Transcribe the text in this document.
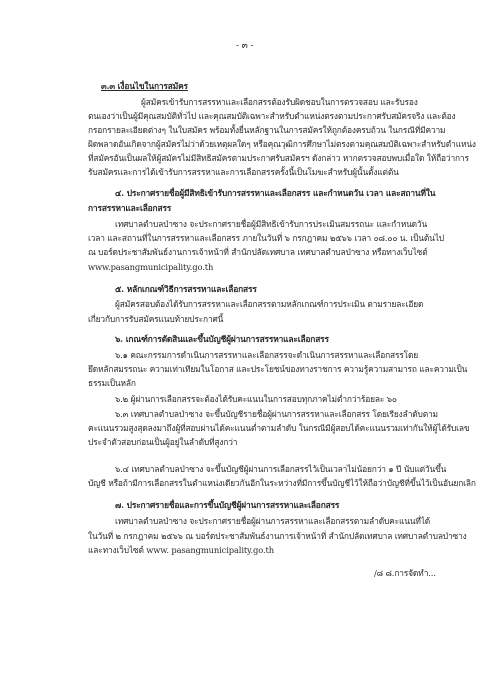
- ๓ -
๓.๓ เงื่อนไขในการสมัคร
ผู้สมัครเข้ารับการสรรหาและเลือกสรรต้องรับผิดชอบในการตรวจสอบ และรับรอง
ตนเองว่าเป็นผู้มีคุณสมบัติทั่วไป และคุณสมบัติเฉพาะสำหรับตำแหน่งตรงตามประกาศรับสมัครจริง และต้อง
กรอกรายละเอียดต่างๆ ในใบสมัคร พร้อมทั้งยื่นหลักฐานในการสมัครให้ถูกต้องครบถ้วน ในกรณีที่มีความ
ผิดพลาดอันเกิดจากผู้สมัครไม่ว่าด้วยเหตุผลใดๆ หรือคุณวุฒิการศึกษาไม่ตรงตามคุณสมบัติเฉพาะสำหรับตำแหน่ง
ที่สมัครอันเป็นผลให้ผู้สมัครไม่มีสิทธิสมัครตามประกาศรับสมัครฯ ดังกล่าว หากตรวจสอบพบเมื่อใด ให้ถือว่าการ
รับสมัครและการได้เข้ารับการสรรหาและการเลือกสรรครั้งนี้เป็นโมฆะสำหรับผู้นั้นตั้งแต่ต้น
๔. ประกาศรายชื่อผู้มีสิทธิเข้ารับการสรรหาและเลือกสรร และกำหนดวัน เวลา และสถานที่ใน
การสรรหาและเลือกสรร
เทศบาลตำบลป่าซาง จะประกาศรายชื่อผู้มีสิทธิเข้ารับการประเมินสมรรถนะ และกำหนดวัน
เวลา และสถานที่ในการสรรหาและเลือกสรร ภายในวันที่ ๖ กรกฎาคม ๒๕๖๖ เวลา ๐๘.๐๐ น. เป็นต้นไป
ณ บอร์ดประชาสัมพันธ์งานการเจ้าหน้าที่ สำนักปลัดเทศบาล เทศบาลตำบลป่าซาง หรือทางเว็บไซต์
www.pasangmunicipality.go.th
๕. หลักเกณฑ์วิธีการสรรหาและเลือกสรร
ผู้สมัครสอบต้องได้รับการสรรหาและเลือกสรรตามหลักเกณฑ์การประเมิน ตามรายละเอียด
เกี่ยวกับการรับสมัครแนบท้ายประกาศนี้
๖. เกณฑ์การตัดสินและขึ้นบัญชีผู้ผ่านการสรรหาและเลือกสรร
๖.๑ คณะกรรมการดำเนินการสรรหาและเลือกสรรจะดำเนินการสรรหาและเลือกสรรโดย
ยึดหลักสมรรถนะ ความเท่าเทียมในโอกาส และประโยชน์ของทางราชการ ความรู้ความสามารถ และความเป็น
ธรรมเป็นหลัก
๖.๒ ผู้ผ่านการเลือกสรรจะต้องได้รับคะแนนในการสอบทุกภาคไม่ต่ำกว่าร้อยละ ๖๐
๖.๓ เทศบาลตำบลป่าซาง จะขึ้นบัญชีรายชื่อผู้ผ่านการสรรหาและเลือกสรร โดยเรียงลำดับตาม
คะแนนรวมสูงสุดลงมาถึงผู้ที่สอบผ่านได้คะแนนต่ำตามลำดับ ในกรณีมีผู้สอบได้คะแนนรวมเท่ากันให้ผู้ได้รับเลข
ประจำตัวสอบก่อนเป็นผู้อยู่ในลำดับที่สูงกว่า
๖.๔ เทศบาลตำบลป่าซาง จะขึ้นบัญชีผู้ผ่านการเลือกสรรไว้เป็นเวลาไม่น้อยกว่า ๑ ปี นับแต่วันขึ้น
บัญชี หรือถ้ามีการเลือกสรรในตำแหน่งเดียวกันอีกในระหว่างที่มีการขึ้นบัญชีไว้ให้ถือว่าบัญชีที่ขึ้นไว้เป็นอันยกเลิก
๗. ประกาศรายชื่อและการขึ้นบัญชีผู้ผ่านการสรรหาและเลือกสรร
เทศบาลตำบลป่าซาง จะประกาศรายชื่อผู้ผ่านการสรรหาและเลือกสรรตามลำดับคะแนนที่ได้
ในวันที่ ๒ กรกฎาคม ๒๕๖๖ ณ บอร์ดประชาสัมพันธ์งานการเจ้าหน้าที่ สำนักปลัดเทศบาล เทศบาลตำบลป่าซาง
และทางเว็บไซต์ www. pasangmunicipality.go.th
/๘ ๘.การจัดทำ...
